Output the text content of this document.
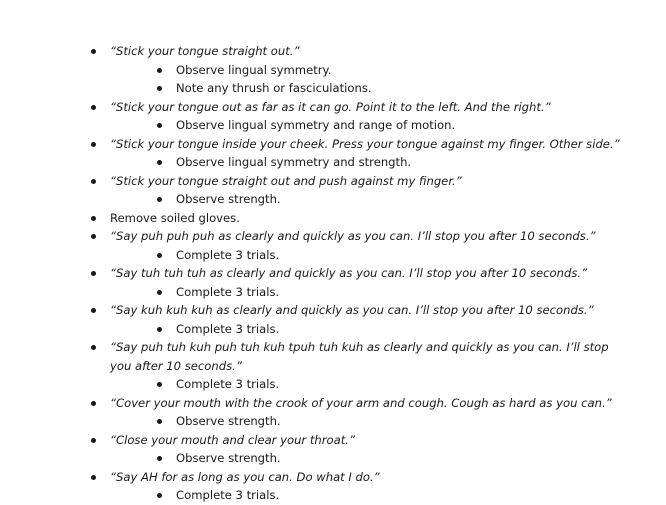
“Stick your tongue straight out.”
Observe lingual symmetry.
Note any thrush or fasciculations.
“Stick your tongue out as far as it can go. Point it to the left. And the right.”
Observe lingual symmetry and range of motion.
“Stick your tongue inside your cheek. Press your tongue against my finger. Other side.”
Observe lingual symmetry and strength.
“Stick your tongue straight out and push against my finger.”
Observe strength.
Remove soiled gloves.
“Say puh puh puh as clearly and quickly as you can. I’ll stop you after 10 seconds.”
Complete 3 trials.
“Say tuh tuh tuh as clearly and quickly as you can. I’ll stop you after 10 seconds.”
Complete 3 trials.
“Say kuh kuh kuh as clearly and quickly as you can. I’ll stop you after 10 seconds.”
Complete 3 trials.
“Say puh tuh kuh puh tuh kuh tpuh tuh kuh as clearly and quickly as you can. I’ll stop you after 10 seconds.”
Complete 3 trials.
“Cover your mouth with the crook of your arm and cough. Cough as hard as you can.”
Observe strength.
“Close your mouth and clear your throat.”
Observe strength.
“Say AH for as long as you can. Do what I do.”
Complete 3 trials.
